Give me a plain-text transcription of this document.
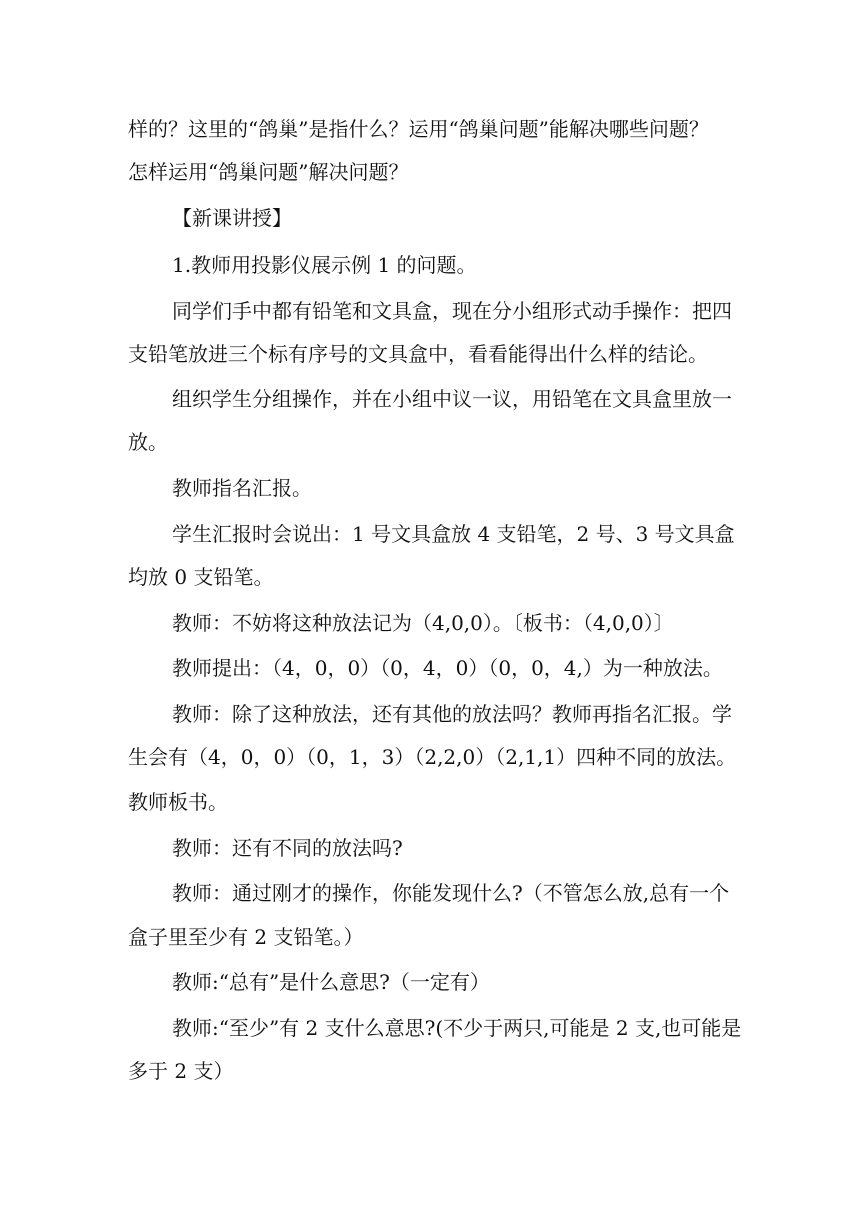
样的？这里的“鸽巢”是指什么？运用“鸽巢问题”能解决哪些问题？
怎样运用“鸽巢问题”解决问题？
【新课讲授】
1.教师用投影仪展示例 1 的问题。
同学们手中都有铅笔和文具盒，现在分小组形式动手操作：把四
支铅笔放进三个标有序号的文具盒中，看看能得出什么样的结论。
组织学生分组操作，并在小组中议一议，用铅笔在文具盒里放一
放。
教师指名汇报。
学生汇报时会说出：1 号文具盒放 4 支铅笔，2 号、3 号文具盒
均放 0 支铅笔。
教师：不妨将这种放法记为（4,0,0）。〔板书：（4,0,0）〕
教师提出：（4，0，0）（0，4，0）（0，0，4,）为一种放法。
教师：除了这种放法，还有其他的放法吗？教师再指名汇报。学
生会有（4，0，0）（0，1，3）（2,2,0）（2,1,1）四种不同的放法。
教师板书。
教师：还有不同的放法吗?
教师：通过刚才的操作，你能发现什么?（不管怎么放,总有一个
盒子里至少有 2 支铅笔。）
教师:“总有”是什么意思?（一定有）
教师:“至少”有 2 支什么意思?(不少于两只,可能是 2 支,也可能是
多于 2 支）
